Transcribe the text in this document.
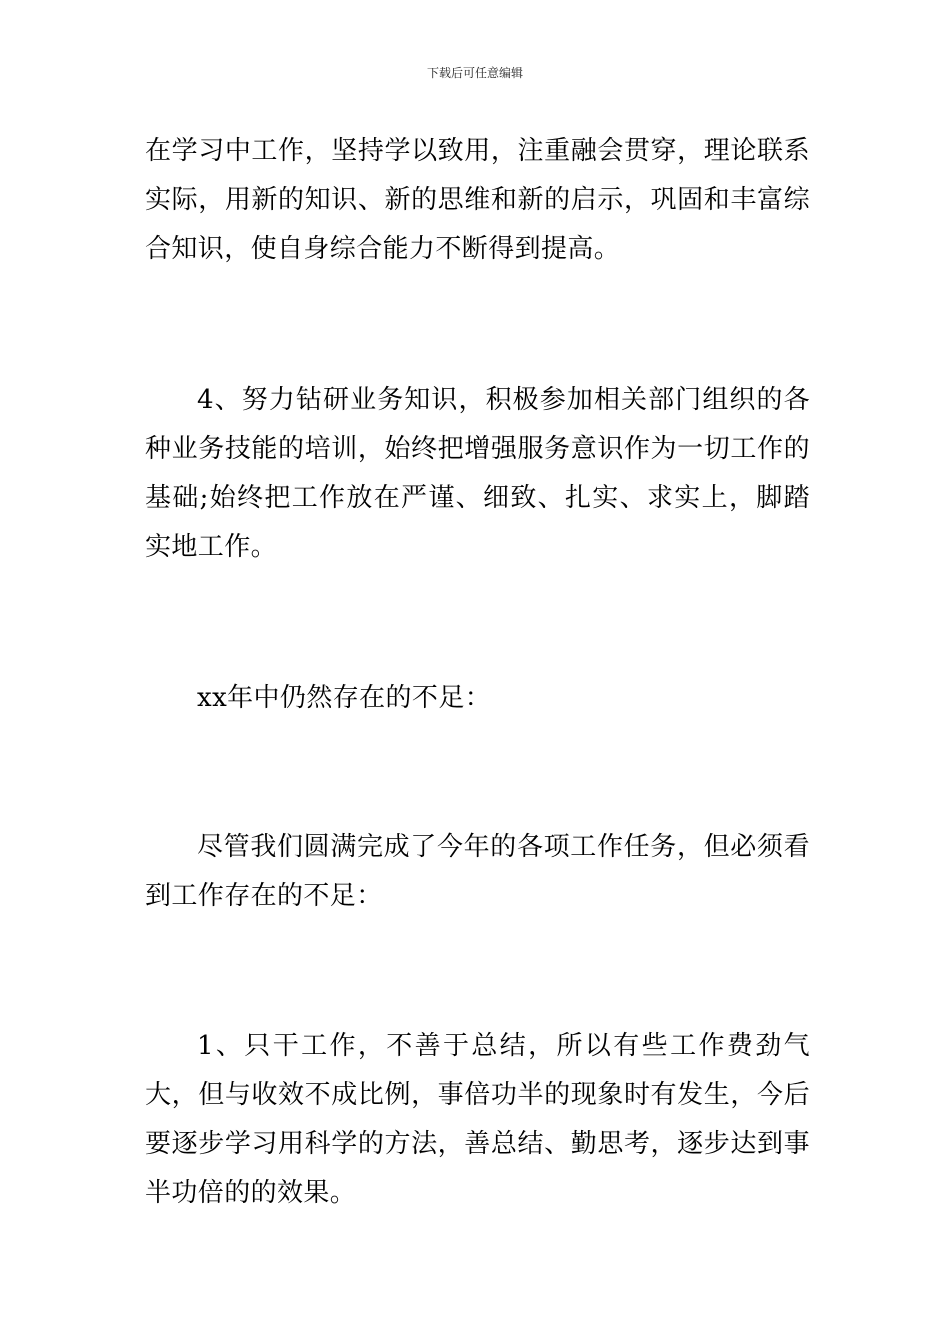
下载后可任意编辑

在学习中工作，坚持学以致用，注重融会贯穿，理论联系实际，用新的知识、新的思维和新的启示，巩固和丰富综合知识，使自身综合能力不断得到提高。

4、努力钻研业务知识，积极参加相关部门组织的各种业务技能的培训，始终把增强服务意识作为一切工作的基础;始终把工作放在严谨、细致、扎实、求实上，脚踏实地工作。

xx年中仍然存在的不足：

尽管我们圆满完成了今年的各项工作任务，但必须看到工作存在的不足：

1、只干工作，不善于总结，所以有些工作费劲气大，但与收效不成比例，事倍功半的现象时有发生，今后要逐步学习用科学的方法，善总结、勤思考，逐步达到事半功倍的的效果。
